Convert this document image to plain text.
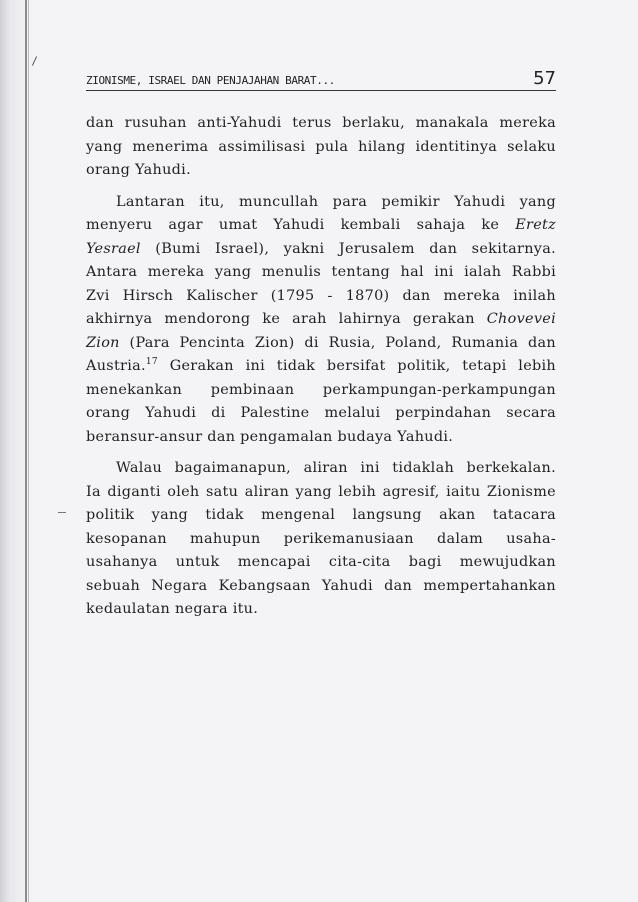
ZIONISME, ISRAEL DAN PENJAJAHAN BARAT...	57
dan rusuhan anti-Yahudi terus berlaku, manakala mereka
yang menerima assimilisasi pula hilang identitinya selaku
orang Yahudi.
Lantaran itu, muncullah para pemikir Yahudi yang
menyeru agar umat Yahudi kembali sahaja ke Eretz
Yesrael (Bumi Israel), yakni Jerusalem dan sekitarnya.
Antara mereka yang menulis tentang hal ini ialah Rabbi
Zvi Hirsch Kalischer (1795 - 1870) dan mereka inilah
akhirnya mendorong ke arah lahirnya gerakan Chovevei
Zion (Para Pencinta Zion) di Rusia, Poland, Rumania dan
Austria.$^{17}$ Gerakan ini tidak bersifat politik, tetapi lebih
menekankan pembinaan perkampungan-perkampungan
orang Yahudi di Palestine melalui perpindahan secara
beransur-ansur dan pengamalan budaya Yahudi.
Walau bagaimanapun, aliran ini tidaklah berkekalan.
Ia diganti oleh satu aliran yang lebih agresif, iaitu Zionisme
politik yang tidak mengenal langsung akan tatacara
kesopanan mahupun perikemanusiaan dalam usaha-
usahanya untuk mencapai cita-cita bagi mewujudkan
sebuah Negara Kebangsaan Yahudi dan mempertahankan
kedaulatan negara itu.
